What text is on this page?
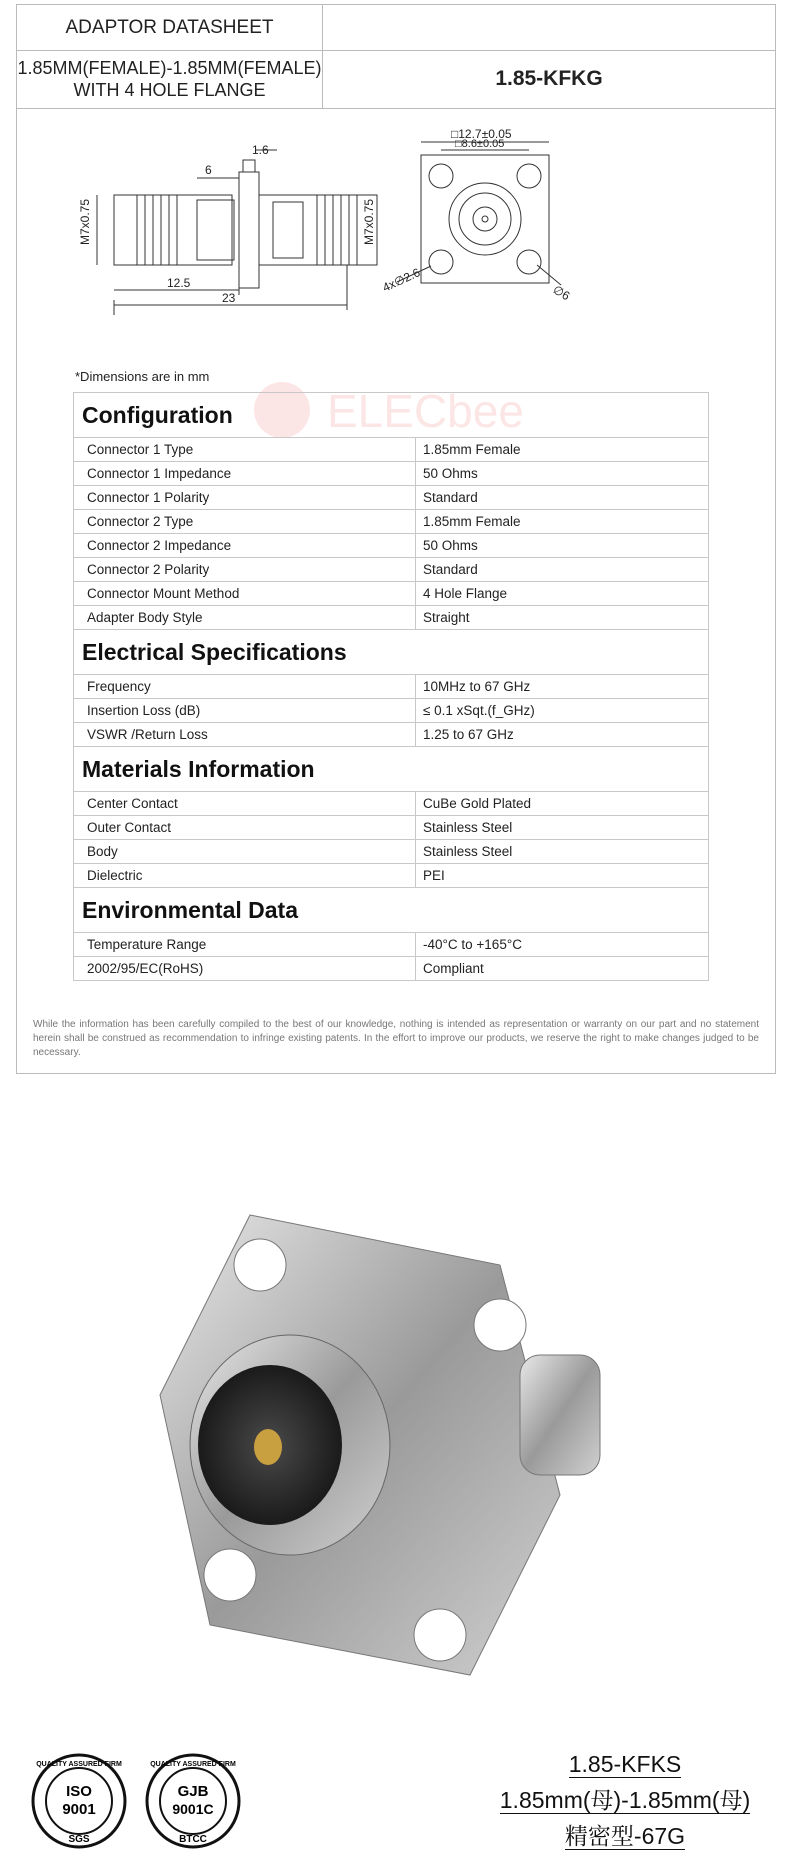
ADAPTOR DATASHEET
1.85MM(FEMALE)-1.85MM(FEMALE)
WITH 4 HOLE FLANGE	1.85-KFKG
1.6
6
12.5
23
M7x0.75	M7x0.75
□12.7±0.05
□8.6±0.05
4x∅2.6	∅6
*Dimensions are in mm
ELECbee
Configuration	
Connector 1 Type	1.85mm Female
Connector 1 Impedance	50 Ohms
Connector 1 Polarity	Standard
Connector 2 Type	1.85mm Female
Connector 2 Impedance	50 Ohms
Connector 2 Polarity	Standard
Connector Mount Method	4 Hole Flange
Adapter Body Style	Straight
Electrical Specifications	
Frequency	10MHz to 67 GHz
Insertion Loss (dB)	≤ 0.1 xSqt.(f_GHz)
VSWR /Return Loss	1.25 to 67 GHz
Materials Information	
Center Contact	CuBe Gold Plated
Outer Contact	Stainless Steel
Body	Stainless Steel
Dielectric	PEI
Environmental Data	
Temperature Range	-40°C to +165°C
2002/95/EC(RoHS)	Compliant
While the information has been carefully compiled to the best of our knowledge, nothing is intended as representation or warranty on our part and no statement herein shall be construed as recommendation to infringe existing patents. In the effort to improve our products, we reserve the right to make changes judged to be necessary.
QUALITY ASSURED FIRM
ISO
9001
SGS
QUALITY ASSURED FIRM
GJB
9001C
BTCC
1.85-KFKS
1.85mm(母)-1.85mm(母)
精密型-67G
